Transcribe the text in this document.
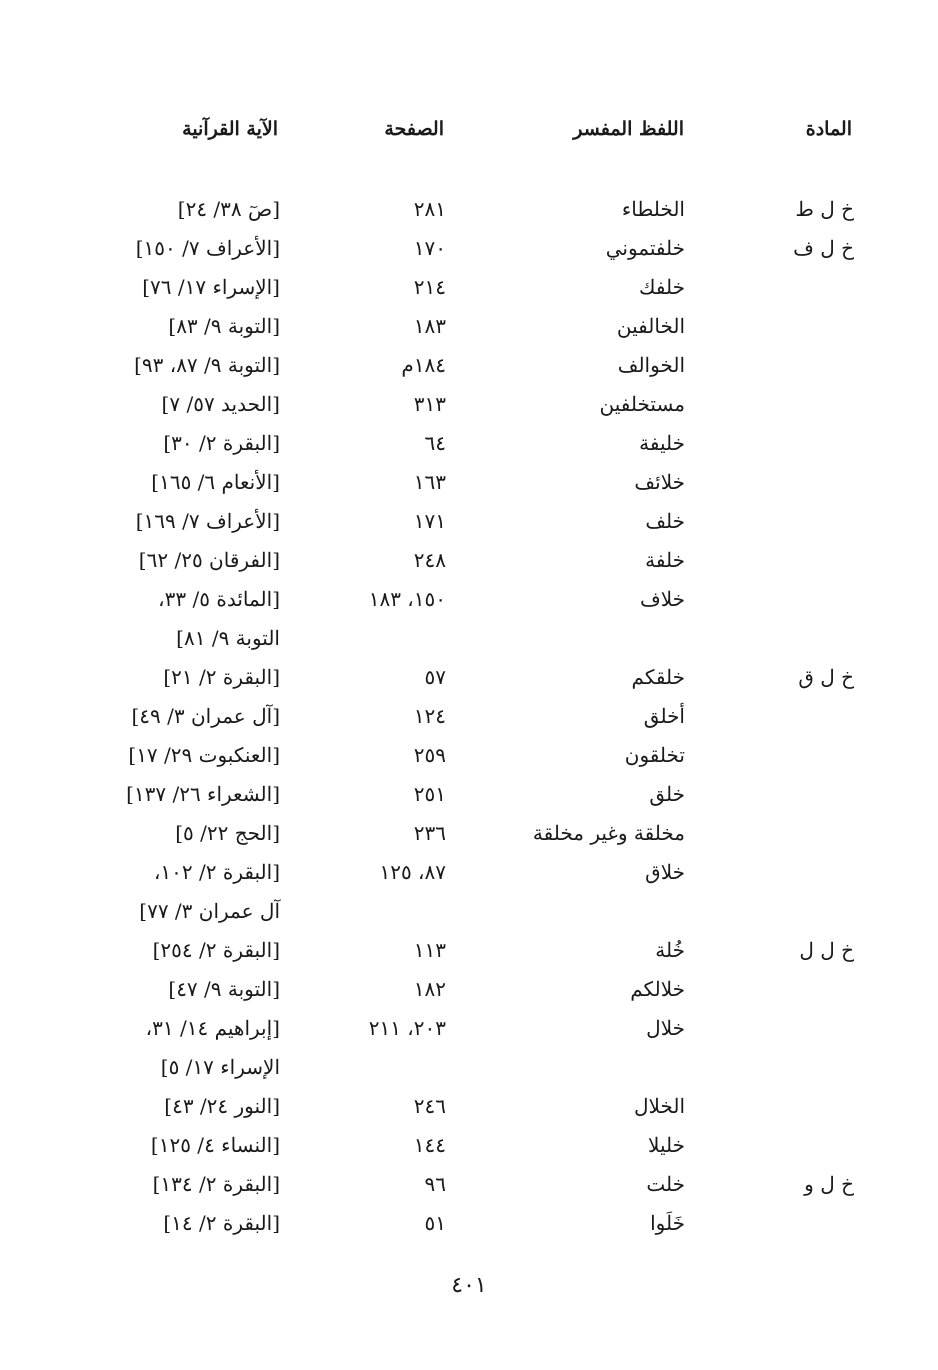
المادة
اللفظ المفسر
الصفحة
الآية القرآنية
خ ل ط
الخلطاء
٢٨١
[صٓ ٣٨/ ٢٤]
خ ل ف
خلفتموني
١٧٠
[الأعراف ٧/ ١٥٠]
خلفك
٢١٤
[الإسراء ١٧/ ٧٦]
الخالفين
١٨٣
[التوبة ٩/ ٨٣]
الخوالف
١٨٤م
[التوبة ٩/ ٨٧، ٩٣]
مستخلفين
٣١٣
[الحديد ٥٧/ ٧]
خليفة
٦٤
[البقرة ٢/ ٣٠]
خلائف
١٦٣
[الأنعام ٦/ ١٦٥]
خلف
١٧١
[الأعراف ٧/ ١٦٩]
خلفة
٢٤٨
[الفرقان ٢٥/ ٦٢]
خلاف
١٥٠، ١٨٣
[المائدة ٥/ ٣٣،
التوبة ٩/ ٨١]
خ ل ق
خلقكم
٥٧
[البقرة ٢/ ٢١]
أخلق
١٢٤
[آل عمران ٣/ ٤٩]
تخلقون
٢٥٩
[العنكبوت ٢٩/ ١٧]
خلق
٢٥١
[الشعراء ٢٦/ ١٣٧]
مخلقة وغير مخلقة
٢٣٦
[الحج ٢٢/ ٥]
خلاق
٨٧، ١٢٥
[البقرة ٢/ ١٠٢،
آل عمران ٣/ ٧٧]
خ ل ل
خُلة
١١٣
[البقرة ٢/ ٢٥٤]
خلالكم
١٨٢
[التوبة ٩/ ٤٧]
خلال
٢٠٣، ٢١١
[إبراهيم ١٤/ ٣١،
الإسراء ١٧/ ٥]
الخلال
٢٤٦
[النور ٢٤/ ٤٣]
خليلا
١٤٤
[النساء ٤/ ١٢٥]
خ ل و
خلت
٩٦
[البقرة ٢/ ١٣٤]
خَلَوا
٥١
[البقرة ٢/ ١٤]
٤٠١
